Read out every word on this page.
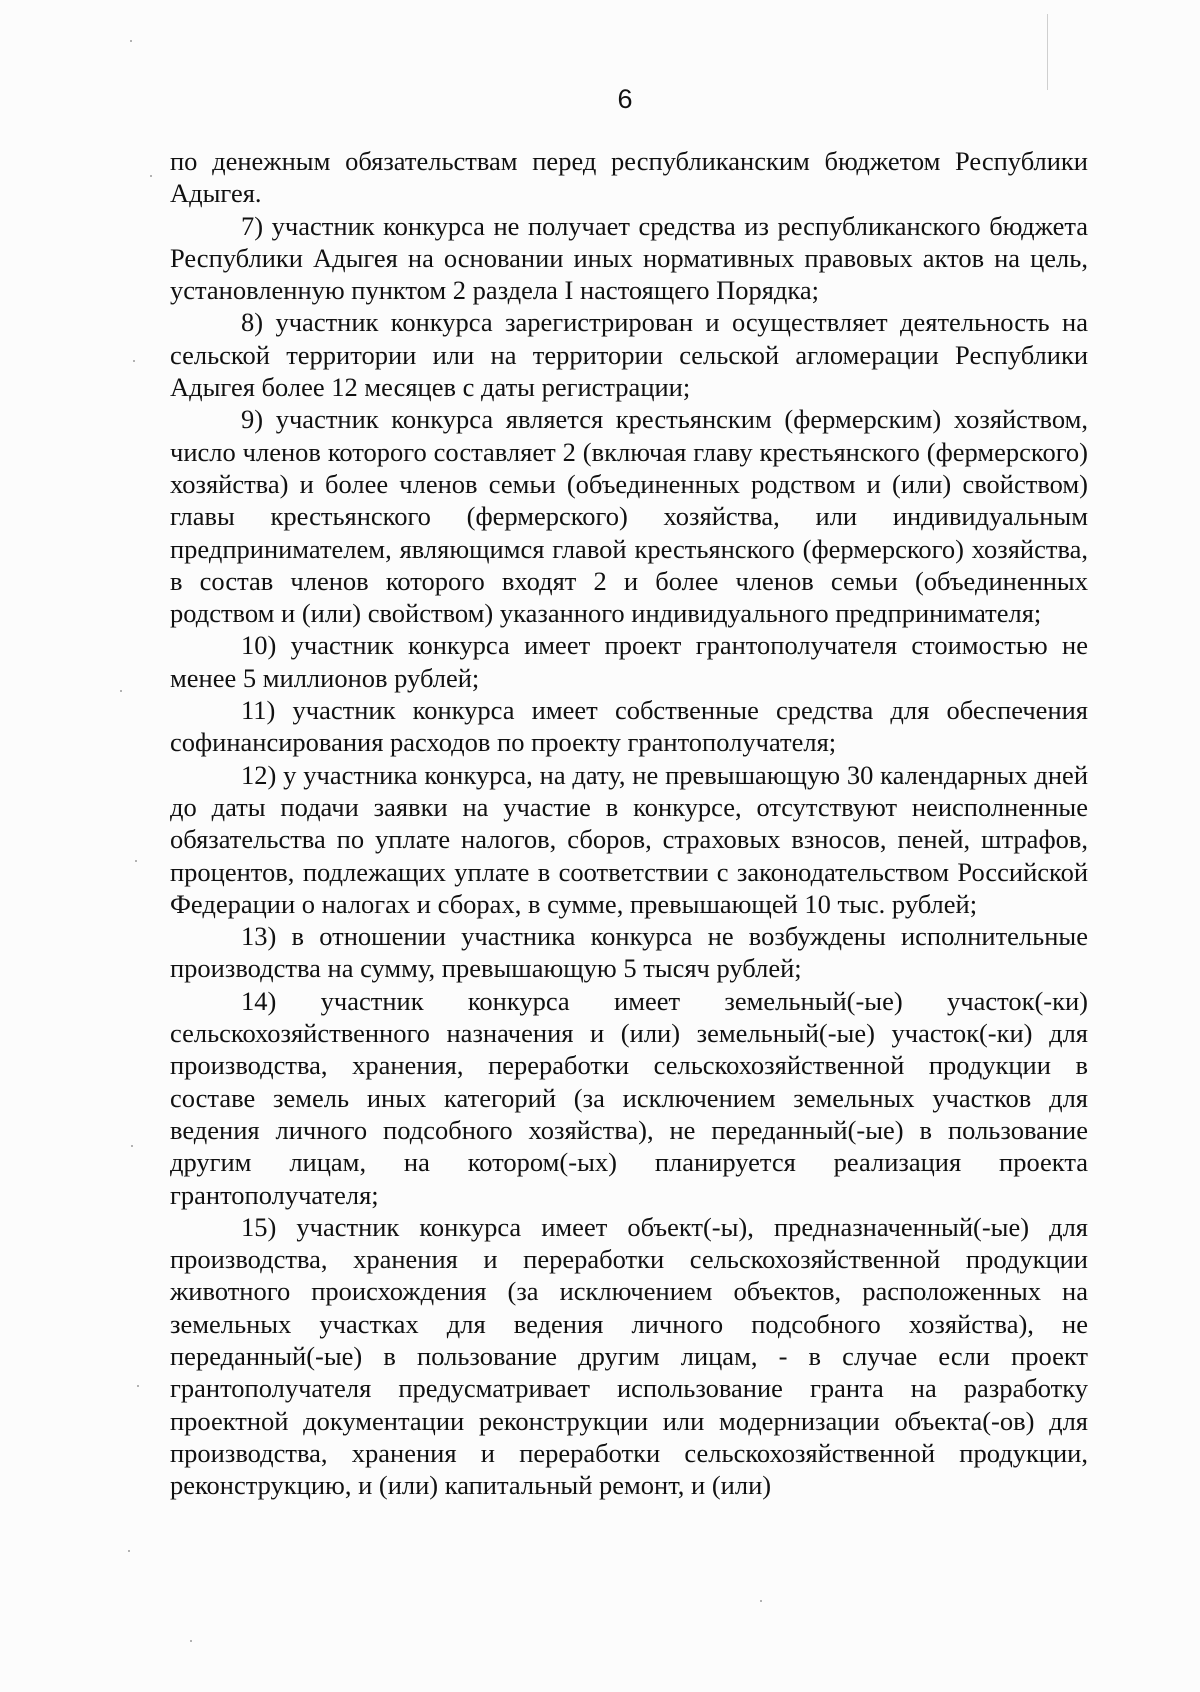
6

по денежным обязательствам перед республиканским бюджетом Республики Адыгея.

7) участник конкурса не получает средства из республиканского бюджета Республики Адыгея на основании иных нормативных правовых актов на цель, установленную пунктом 2 раздела I настоящего Порядка;

8) участник конкурса зарегистрирован и осуществляет деятельность на сельской территории или на территории сельской агломерации Республики Адыгея более 12 месяцев с даты регистрации;

9) участник конкурса является крестьянским (фермерским) хозяйством, число членов которого составляет 2 (включая главу крестьянского (фермерского) хозяйства) и более членов семьи (объединенных родством и (или) свойством) главы крестьянского (фермерского) хозяйства, или индивидуальным предпринимателем, являющимся главой крестьянского (фермерского) хозяйства, в состав членов которого входят 2 и более членов семьи (объединенных родством и (или) свойством) указанного индивидуального предпринимателя;

10) участник конкурса имеет проект грантополучателя стоимостью не менее 5 миллионов рублей;

11) участник конкурса имеет собственные средства для обеспечения софинансирования расходов по проекту грантополучателя;

12) у участника конкурса, на дату, не превышающую 30 календарных дней до даты подачи заявки на участие в конкурсе, отсутствуют неисполненные обязательства по уплате налогов, сборов, страховых взносов, пеней, штрафов, процентов, подлежащих уплате в соответствии с законодательством Российской Федерации о налогах и сборах, в сумме, превышающей 10 тыс. рублей;

13) в отношении участника конкурса не возбуждены исполнительные производства на сумму, превышающую 5 тысяч рублей;

14) участник конкурса имеет земельный(-ые) участок(-ки) сельскохозяйственного назначения и (или) земельный(-ые) участок(-ки) для производства, хранения, переработки сельскохозяйственной продукции в составе земель иных категорий (за исключением земельных участков для ведения личного подсобного хозяйства), не переданный(-ые) в пользование другим лицам, на котором(-ых) планируется реализация проекта грантополучателя;

15) участник конкурса имеет объект(-ы), предназначенный(-ые) для производства, хранения и переработки сельскохозяйственной продукции животного происхождения (за исключением объектов, расположенных на земельных участках для ведения личного подсобного хозяйства), не переданный(-ые) в пользование другим лицам, - в случае если проект грантополучателя предусматривает использование гранта на разработку проектной документации реконструкции или модернизации объекта(-ов) для производства, хранения и переработки сельскохозяйственной продукции, реконструкцию, и (или) капитальный ремонт, и (или)
